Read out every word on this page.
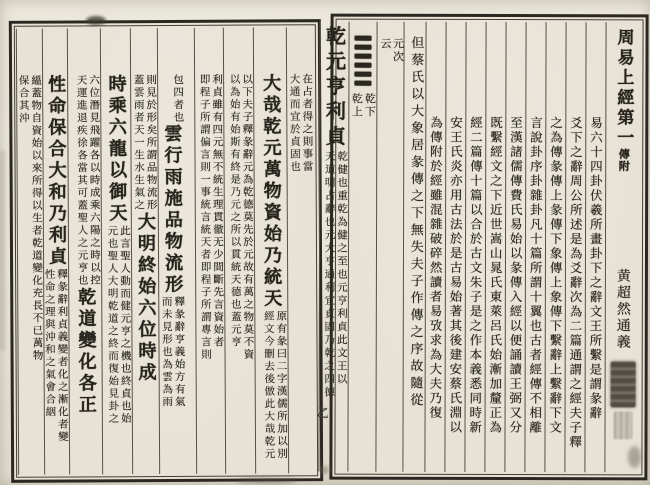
在占者得之則事當
大通而宜於貞固也
大哉乾元萬物資始乃統天
原有彖曰二字漢儒所加以別
經文今刪去後倣此大哉乾元
以下夫子釋彖辭元為乾德莫先於元故有萬之物莫不資
以為始有始斯有終是乃元之所以貫統天德也蓋元亨
利貞雖有四元無不統生理貫徹无少間斷先言資始者
即程子所謂偏言則一事統言統天者即程子所謂專言則
包四者也

雲行雨施品物流形
釋彖辭亨義始方有氣
而未見形也為雲為雨
則見於形矣所謂品物流形
蓋雲雨者天一生水生氣之
大明終始六位時成
時乘六龍以御天
此言聖人動而健元亨之機也終貞也始
元也聖人大明乾道之終而復始見卦之
六位潛見飛躍各以時成乘六陽之時以控
天運進退疾徐各當其可蓋聖人之元亨也
乾道變化各正
性命保合大和乃利貞
釋彖辭利貞義變者化之漸化者變
性命之理與沖和之氣會合絪
縕蓋物自資始以來所得以生者乾道變化充長不已萬物
保合其沖	周易上經第一傳附
黄超然通義
易六十四卦伏羲所畫卦下之辭文王所繫是謂彖辭
爻下之辭周公所述是為爻辭次為二篇通謂之經夫子釋
之為傳彖傳上彖傳下象傳上象傳下繫辭上繫辭下文
言說卦序卦雜卦凡十篇所謂十翼也古者經傳不相離
至漢諸儒傳費氏易始以彖傳入經以便誦讀王弼又分
既繫經文之下近世嵩山晁氏東萊呂氏始漸加釐正為
經二篇傳十篇以合於古文朱子是之作本義悉同時新
安王氏炎亦用古法於是古易始著其後建安蔡氏淵以
為傳附於經雖混雜破碎然讀者易攷求為大夫乃復
但蔡氏以大象居彖傳之下無失夫子作傳之序故隨從
元次
云
乾下
乾上
乾元亨利貞
乾健也重乾為健之至也元亨利貞此文王以
天道明占辭也元大亨通利宜貞固乃乾之四德
乙
